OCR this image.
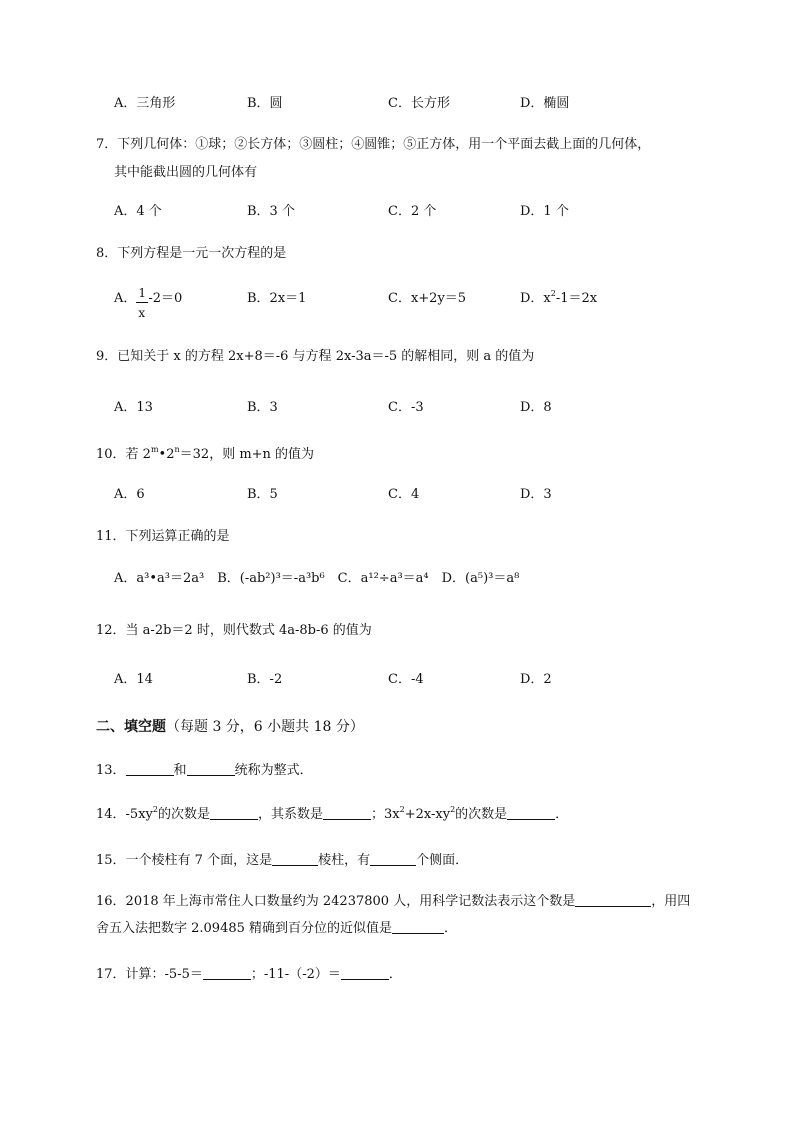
A．三角形	B．圆	C．长方形	D．椭圆
7．下列几何体：①球；②长方体；③圆柱；④圆锥；⑤正方体，用一个平面去截上面的几何体，
其中能截出圆的几何体有
A．4 个	B．3 个	C．2 个	D．1 个
8．下列方程是一元一次方程的是
A． $\frac{1}{x} -2=0$	B．2x＝1	C．x+2y＝5	D．$x^2-1=2x$
9．已知关于 x 的方程 2x+8＝-6 与方程 2x-3a＝-5 的解相同，则 a 的值为
A．13	B．3	C．-3	D．8
10．若 $2^m•2^n=32$，则 m+n 的值为
A．6	B．5	C．4	D．3
11．下列运算正确的是
A．a³•a³＝2a³　B．(-ab²)³＝-a³b⁶　C．a¹²÷a³＝a⁴　D．(a⁵)³＝a⁸
12．当 a-2b＝2 时，则代数式 4a-8b-6 的值为
A．14	B．-2	C．-4	D．2
二、填空题（每题 3 分，6 小题共 18 分）
13．	和	统称为整式．
14．$-5xy^2$的次数是	，其系数是	；$3x^2+2x-xy^2$的次数是	．
15．一个棱柱有 7 个面，这是	棱柱，有	个侧面．
16．2018 年上海市常住人口数量约为 24237800 人，用科学记数法表示这个数是	，用四
舍五入法把数字 2.09485 精确到百分位的近似值是	．
17．计算：-5-5＝	；-11-（-2）＝	．
